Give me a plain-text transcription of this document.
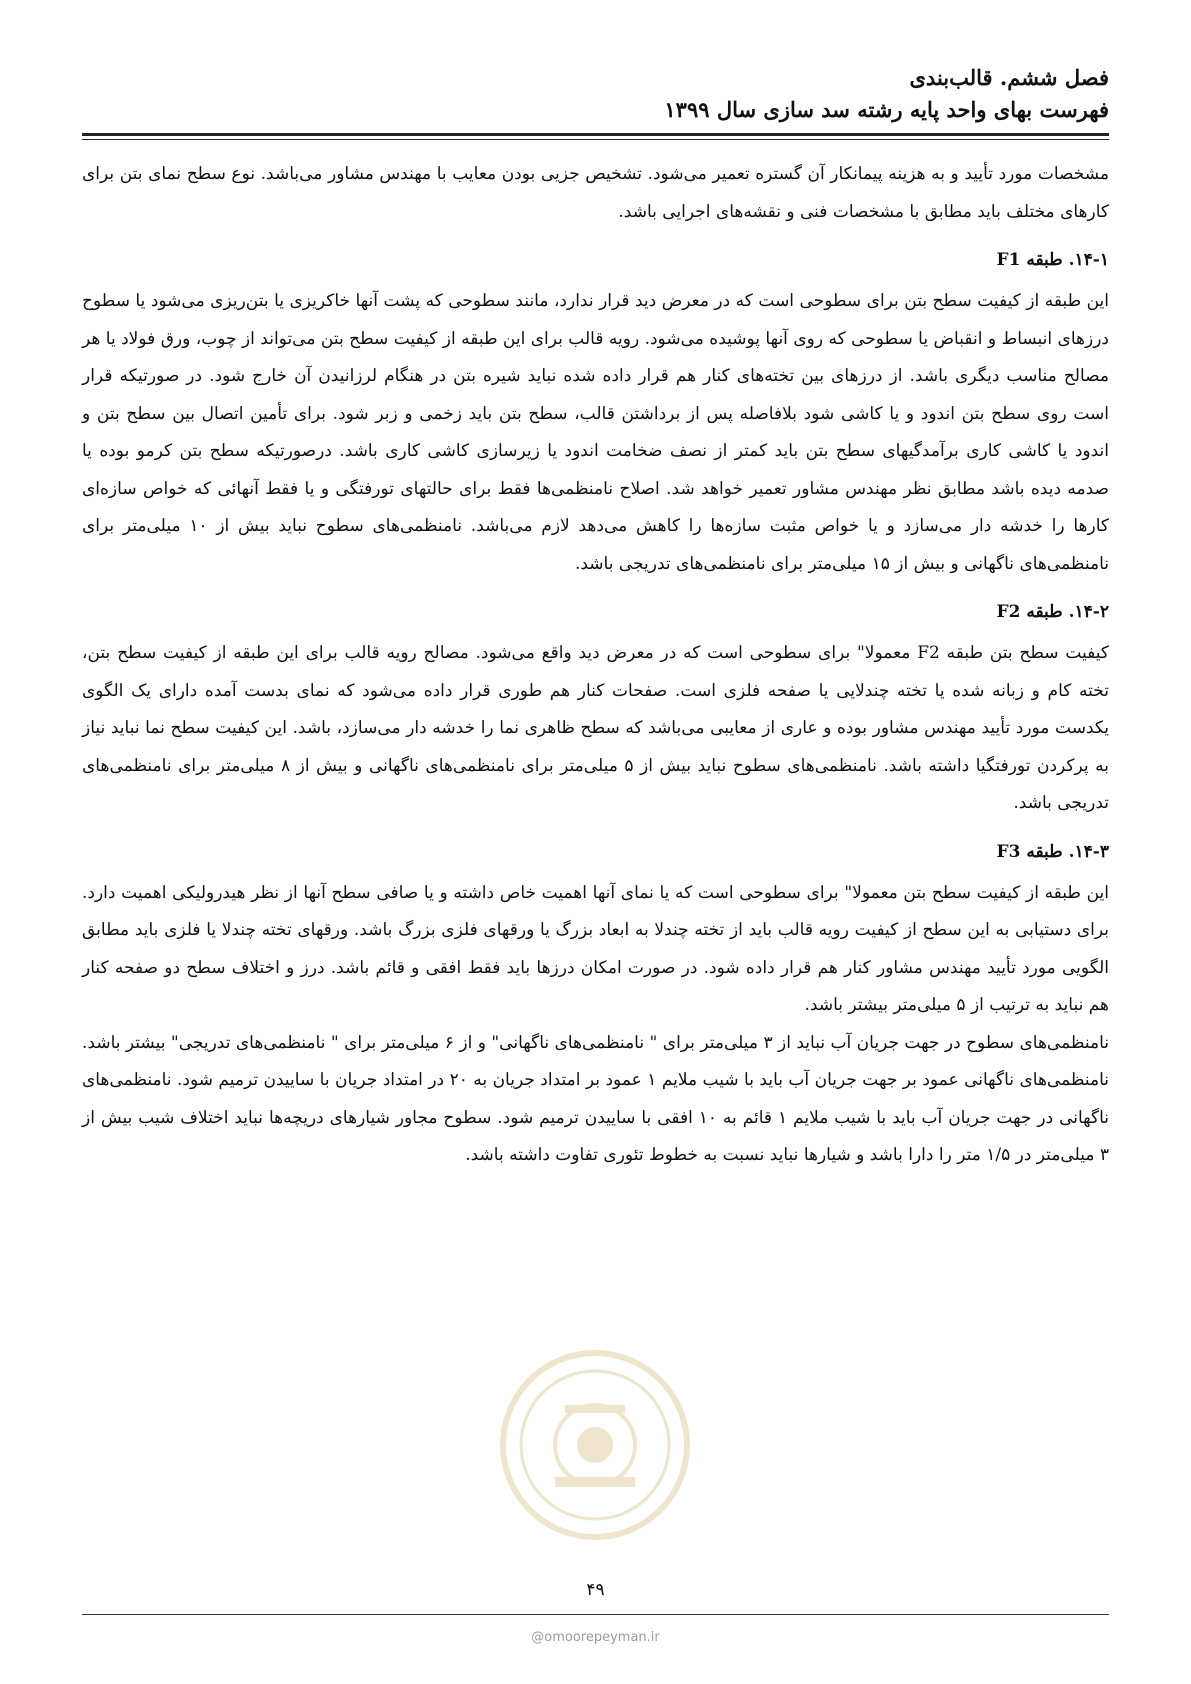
فصل ششم. قالب‌بندی
فهرست بهای واحد پایه رشته سد سازی سال ۱۳۹۹

مشخصات مورد تأیید و به هزینه پیمانکار آن گستره تعمیر می‌شود. تشخیص جزیی بودن معایب با مهندس مشاور می‌باشد. نوع سطح نمای بتن برای کارهای مختلف باید مطابق با مشخصات فنی و نقشه‌های اجرایی باشد.

۱۴-۱. طبقه F1

این طبقه از کیفیت سطح بتن برای سطوحی است که در معرض دید قرار ندارد، مانند سطوحی که پشت آنها خاکریزی یا بتن‌ریزی می‌شود یا سطوح درزهای انبساط و انقباض یا سطوحی که روی آنها پوشیده می‌شود. رویه قالب برای این طبقه از کیفیت سطح بتن می‌تواند از چوب، ورق فولاد یا هر مصالح مناسب دیگری باشد. از درزهای بین تخته‌های کنار هم قرار داده شده نباید شیره بتن در هنگام لرزانیدن آن خارج شود. در صورتیکه قرار است روی سطح بتن اندود و یا کاشی شود بلافاصله پس از برداشتن قالب، سطح بتن باید زخمی و زبر شود. برای تأمین اتصال بین سطح بتن و اندود یا کاشی کاری برآمدگیهای سطح بتن باید کمتر از نصف ضخامت اندود یا زیرسازی کاشی کاری باشد. درصورتیکه سطح بتن کرمو بوده یا صدمه دیده باشد مطابق نظر مهندس مشاور تعمیر خواهد شد. اصلاح نامنظمی‌ها فقط برای حالتهای تورفتگی و یا فقط آنهائی که خواص سازه‌ای کارها را خدشه دار می‌سازد و یا خواص مثبت سازه‌ها را کاهش می‌دهد لازم می‌باشد. نامنظمی‌های سطوح نباید بیش از ۱۰ میلی‌متر برای نامنظمی‌های ناگهانی و بیش از ۱۵ میلی‌متر برای نامنظمی‌های تدریجی باشد.

۱۴-۲. طبقه F2

کیفیت سطح بتن طبقه F2 معمولا" برای سطوحی است که در معرض دید واقع می‌شود. مصالح رویه قالب برای این طبقه از کیفیت سطح بتن، تخته کام و زبانه شده یا تخته چندلایی یا صفحه فلزی است. صفحات کنار هم طوری قرار داده می‌شود که نمای بدست آمده دارای یک الگوی یکدست مورد تأیید مهندس مشاور بوده و عاری از معایبی می‌باشد که سطح ظاهری نما را خدشه دار می‌سازد، باشد. این کیفیت سطح نما نباید نیاز به پرکردن تورفتگیا داشته باشد. نامنظمی‌های سطوح نباید بیش از ۵ میلی‌متر برای نامنظمی‌های ناگهانی و بیش از ۸ میلی‌متر برای نامنظمی‌های تدریجی باشد.

۱۴-۳. طبقه F3

این طبقه از کیفیت سطح بتن معمولا" برای سطوحی است که یا نمای آنها اهمیت خاص داشته و یا صافی سطح آنها از نظر هیدرولیکی اهمیت دارد. برای دستیابی به این سطح از کیفیت رویه قالب باید از تخته چندلا به ابعاد بزرگ یا ورقهای فلزی بزرگ باشد. ورقهای تخته چندلا یا فلزی باید مطابق الگویی مورد تأیید مهندس مشاور کنار هم قرار داده شود. در صورت امکان درزها باید فقط افقی و قائم باشد. درز و اختلاف سطح دو صفحه کنار هم نباید به ترتیب از ۵ میلی‌متر بیشتر باشد.

نامنظمی‌های سطوح در جهت جریان آب نباید از ۳ میلی‌متر برای " نامنظمی‌های ناگهانی" و از ۶ میلی‌متر برای " نامنظمی‌های تدریجی" بیشتر باشد. نامنظمی‌های ناگهانی عمود بر جهت جریان آب باید با شیب ملایم ۱ عمود بر امتداد جریان به ۲۰ در امتداد جریان با ساییدن ترمیم شود. نامنظمی‌های ناگهانی در جهت جریان آب باید با شیب ملایم ۱ قائم به ۱۰ افقی با ساییدن ترمیم شود. سطوح مجاور شیارهای دریچه‌ها نباید اختلاف شیب بیش از ۳ میلی‌متر در ۱/۵ متر را دارا باشد و شیارها نباید نسبت به خطوط تئوری تفاوت داشته باشد.

۴۹
@omoorepeyman.ir
